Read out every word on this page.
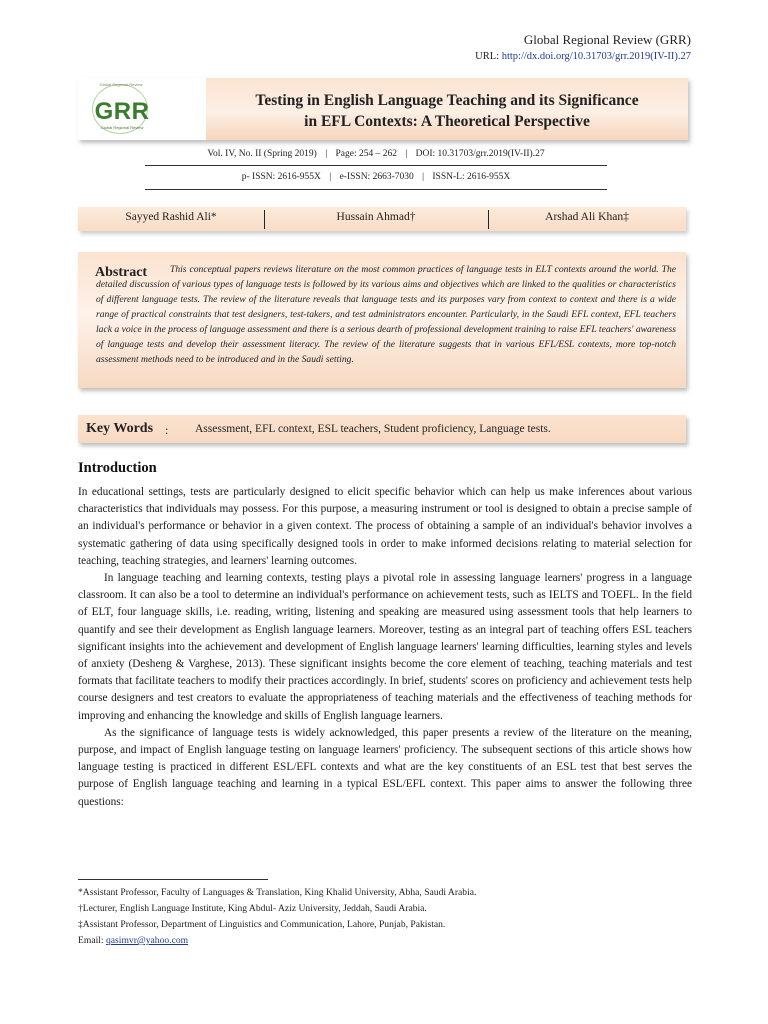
Global Regional Review (GRR)
URL: http://dx.doi.org/10.31703/grr.2019(IV-II).27
Global Regional Review
GRR
Global Regional Review
Testing in English Language Teaching and its Significance
in EFL Contexts: A Theoretical Perspective
Vol. IV, No. II (Spring 2019) | Page: 254 – 262 | DOI: 10.31703/grr.2019(IV-II).27
p- ISSN: 2616-955X | e-ISSN: 2663-7030 | ISSN-L: 2616-955X
Sayyed Rashid Ali*	Hussain Ahmad†	Arshad Ali Khan‡
Abstract	This conceptual papers reviews literature on the most common practices of language tests in ELT contexts around the world. The detailed discussion of various types of language tests is followed by its various aims and objectives which are linked to the qualities or characteristics of different language tests. The review of the literature reveals that language tests and its purposes vary from context to context and there is a wide range of practical constraints that test designers, test-takers, and test administrators encounter. Particularly, in the Saudi EFL context, EFL teachers lack a voice in the process of language assessment and there is a serious dearth of professional development training to raise EFL teachers' awareness of language tests and develop their assessment literacy. The review of the literature suggests that in various EFL/ESL contexts, more top-notch assessment methods need to be introduced and in the Saudi setting.
Key Words : Assessment, EFL context, ESL teachers, Student proficiency, Language tests.
Introduction

In educational settings, tests are particularly designed to elicit specific behavior which can help us make inferences about various characteristics that individuals may possess. For this purpose, a measuring instrument or tool is designed to obtain a precise sample of an individual's performance or behavior in a given context. The process of obtaining a sample of an individual's behavior involves a systematic gathering of data using specifically designed tools in order to make informed decisions relating to material selection for teaching, teaching strategies, and learners' learning outcomes.

In language teaching and learning contexts, testing plays a pivotal role in assessing language learners' progress in a language classroom. It can also be a tool to determine an individual's performance on achievement tests, such as IELTS and TOEFL. In the field of ELT, four language skills, i.e. reading, writing, listening and speaking are measured using assessment tools that help learners to quantify and see their development as English language learners. Moreover, testing as an integral part of teaching offers ESL teachers significant insights into the achievement and development of English language learners' learning difficulties, learning styles and levels of anxiety (Desheng & Varghese, 2013). These significant insights become the core element of teaching, teaching materials and test formats that facilitate teachers to modify their practices accordingly. In brief, students' scores on proficiency and achievement tests help course designers and test creators to evaluate the appropriateness of teaching materials and the effectiveness of teaching methods for improving and enhancing the knowledge and skills of English language learners.

As the significance of language tests is widely acknowledged, this paper presents a review of the literature on the meaning, purpose, and impact of English language testing on language learners' proficiency. The subsequent sections of this article shows how language testing is practiced in different ESL/EFL contexts and what are the key constituents of an ESL test that best serves the purpose of English language teaching and learning in a typical ESL/EFL context. This paper aims to answer the following three questions:

*Assistant Professor, Faculty of Languages & Translation, King Khalid University, Abha, Saudi Arabia.
†Lecturer, English Language Institute, King Abdul- Aziz University, Jeddah, Saudi Arabia.
‡Assistant Professor, Department of Linguistics and Communication, Lahore, Punjab, Pakistan.
Email: qasimvr@yahoo.com
